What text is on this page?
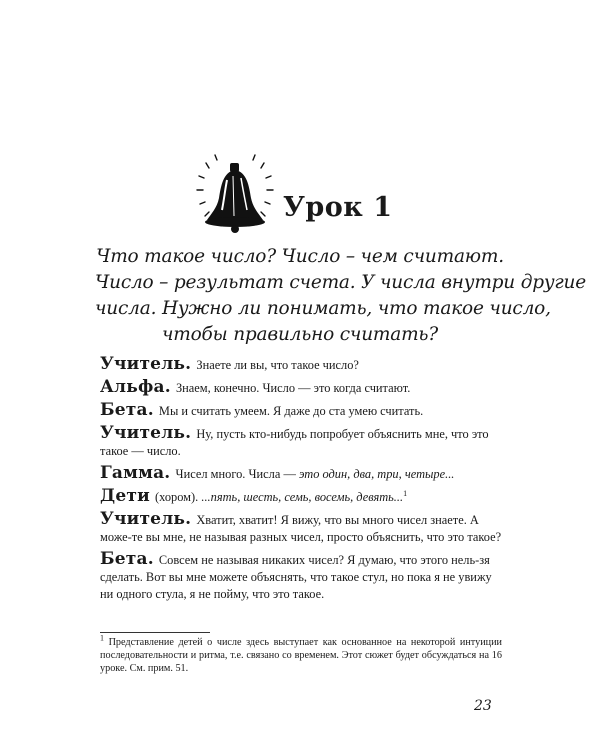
Урок 1
Что такое число? Число – чем считают.
Число – результат счета. У числа внутри другие
числа. Нужно ли понимать, что такое число,
чтобы правильно считать?
Учитель. Знаете ли вы, что такое число?
Альфа. Знаем, конечно. Число — это когда считают.
Бета. Мы и считать умеем. Я даже до ста умею считать.
Учитель. Ну, пусть кто-нибудь попробует объяснить мне, что это такое — число.
Гамма. Чисел много. Числа — это один, два, три, четыре...
Дети (хором). ...пять, шесть, семь, восемь, девять...$^1$
Учитель. Хватит, хватит! Я вижу, что вы много чисел знаете. А може-те вы мне, не называя разных чисел, просто объяснить, что это такое?
Бета. Совсем не называя никаких чисел? Я думаю, что этого нель-зя сделать. Вот вы мне можете объяснять, что такое стул, но пока я не увижу ни одного стула, я не пойму, что это такое.
$^1$ Представление детей о числе здесь выступает как основанное на некоторой интуиции последовательности и ритма, т.е. связано со временем. Этот сюжет будет обсуждаться на 16 уроке. См. прим. 51.
23
